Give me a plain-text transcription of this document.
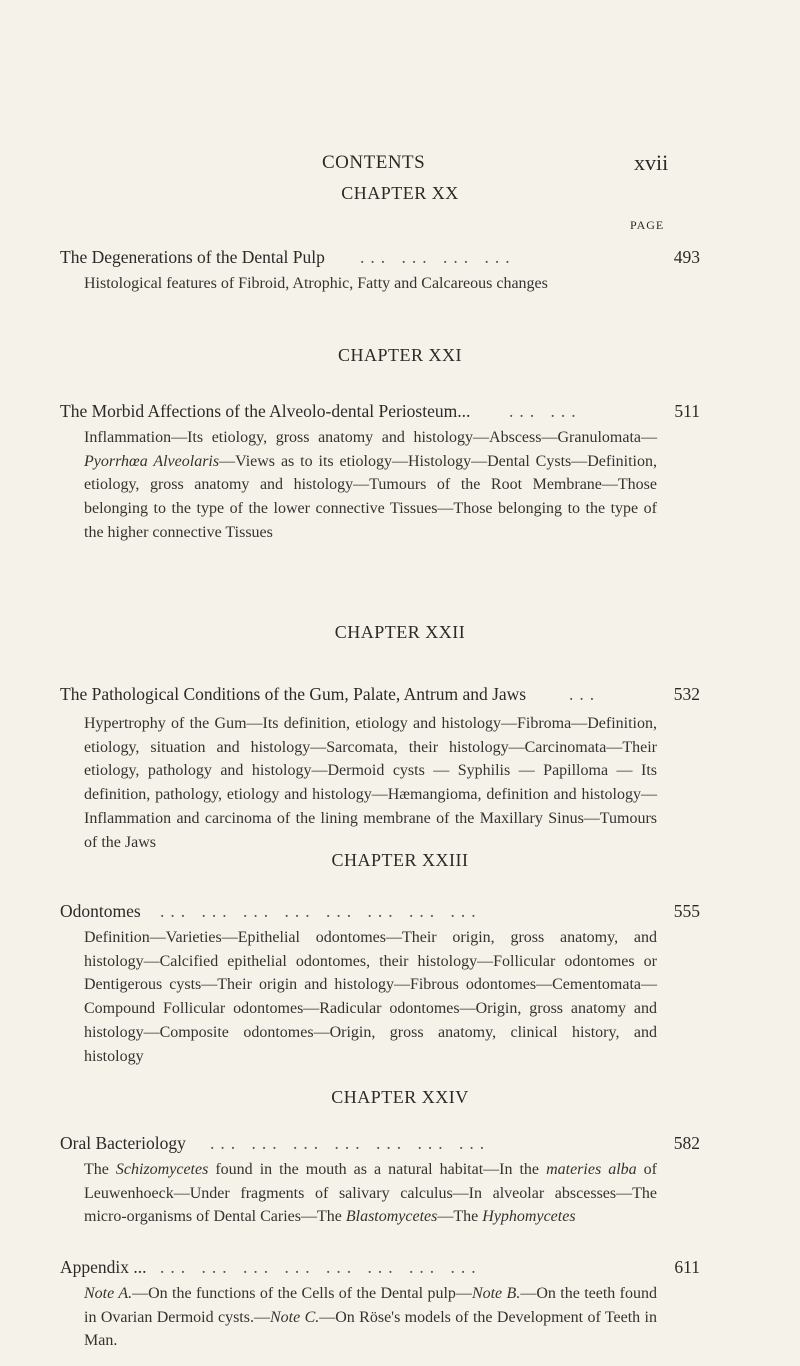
CONTENTS	xvii
PAGE
CHAPTER XX
The Degenerations of the Dental Pulp ... ... ... ...	493
Histological features of Fibroid, Atrophic, Fatty and Calcareous changes
CHAPTER XXI
The Morbid Affections of the Alveolo-dental Periosteum... ... ...	511
Inflammation—Its etiology, gross anatomy and histology—Abscess—Granulomata—Pyorrhœa Alveolaris—Views as to its etiology—Histology—Dental Cysts—Definition, etiology, gross anatomy and histology—Tumours of the Root Membrane—Those belonging to the type of the lower connective Tissues—Those belonging to the type of the higher connective Tissues
CHAPTER XXII
The Pathological Conditions of the Gum, Palate, Antrum and Jaws ...	532
Hypertrophy of the Gum—Its definition, etiology and histology—Fibroma—Definition, etiology, situation and histology—Sarcomata, their histology—Carcinomata—Their etiology, pathology and histology—Dermoid cysts — Syphilis — Papilloma — Its definition, pathology, etiology and histology—Hæmangioma, definition and histology—Inflammation and carcinoma of the lining membrane of the Maxillary Sinus—Tumours of the Jaws
CHAPTER XXIII
Odontomes ... ... ... ... ... ... ... ...	555
Definition—Varieties—Epithelial odontomes—Their origin, gross anatomy, and histology—Calcified epithelial odontomes, their histology—Follicular odontomes or Dentigerous cysts—Their origin and histology—Fibrous odontomes—Cementomata—Compound Follicular odontomes—Radicular odontomes—Origin, gross anatomy and histology—Composite odontomes—Origin, gross anatomy, clinical history, and histology
CHAPTER XXIV
Oral Bacteriology ... ... ... ... ... ... ...	582
The Schizomycetes found in the mouth as a natural habitat—In the materies alba of Leuwenhoeck—Under fragments of salivary calculus—In alveolar abscesses—The micro-organisms of Dental Caries—The Blastomycetes—The Hyphomycetes
Appendix ... ... ... ... ... ... ... ... ...	611
Note A.—On the functions of the Cells of the Dental pulp—Note B.—On the teeth found in Ovarian Dermoid cysts.—Note C.—On Röse's models of the Development of Teeth in Man.
